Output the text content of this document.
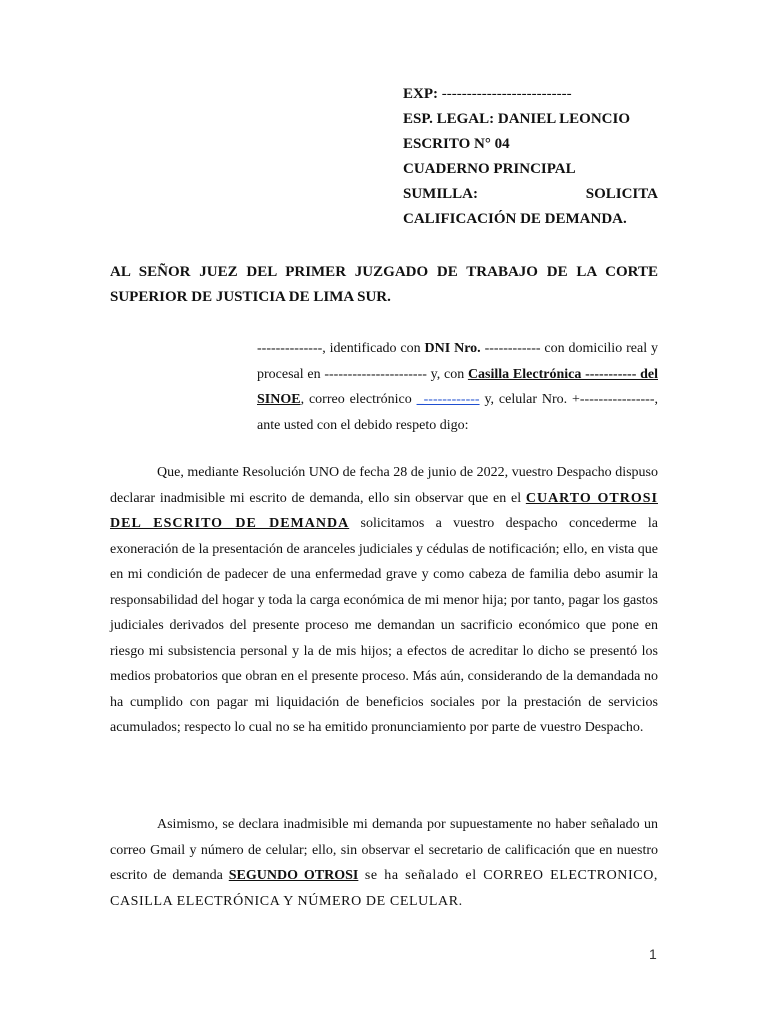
EXP: --------------------------
ESP. LEGAL: DANIEL LEONCIO
ESCRITO N° 04
CUADERNO PRINCIPAL
SUMILLA:	SOLICITA
CALIFICACIÓN DE DEMANDA.
AL SEÑOR JUEZ DEL PRIMER JUZGADO DE TRABAJO DE LA CORTE SUPERIOR DE JUSTICIA DE LIMA SUR.
--------------, identificado con DNI Nro. ------------ con domicilio real y procesal en ---------------------- y, con Casilla Electrónica ----------- del SINOE, correo electrónico _------------ y, celular Nro. +----------------, ante usted con el debido respeto digo:
Que, mediante Resolución UNO de fecha 28 de junio de 2022, vuestro Despacho dispuso declarar inadmisible mi escrito de demanda, ello sin observar que en el CUARTO OTROSI DEL ESCRITO DE DEMANDA solicitamos a vuestro despacho concederme la exoneración de la presentación de aranceles judiciales y cédulas de notificación; ello, en vista que en mi condición de padecer de una enfermedad grave y como cabeza de familia debo asumir la responsabilidad del hogar y toda la carga económica de mi menor hija; por tanto, pagar los gastos judiciales derivados del presente proceso me demandan un sacrificio económico que pone en riesgo mi subsistencia personal y la de mis hijos; a efectos de acreditar lo dicho se presentó los medios probatorios que obran en el presente proceso. Más aún, considerando de la demandada no ha cumplido con pagar mi liquidación de beneficios sociales por la prestación de servicios acumulados; respecto lo cual no se ha emitido pronunciamiento por parte de vuestro Despacho.
Asimismo, se declara inadmisible mi demanda por supuestamente no haber señalado un correo Gmail y número de celular; ello, sin observar el secretario de calificación que en nuestro escrito de demanda SEGUNDO OTROSI se ha señalado el CORREO ELECTRONICO, CASILLA ELECTRÓNICA Y NÚMERO DE CELULAR.
1
